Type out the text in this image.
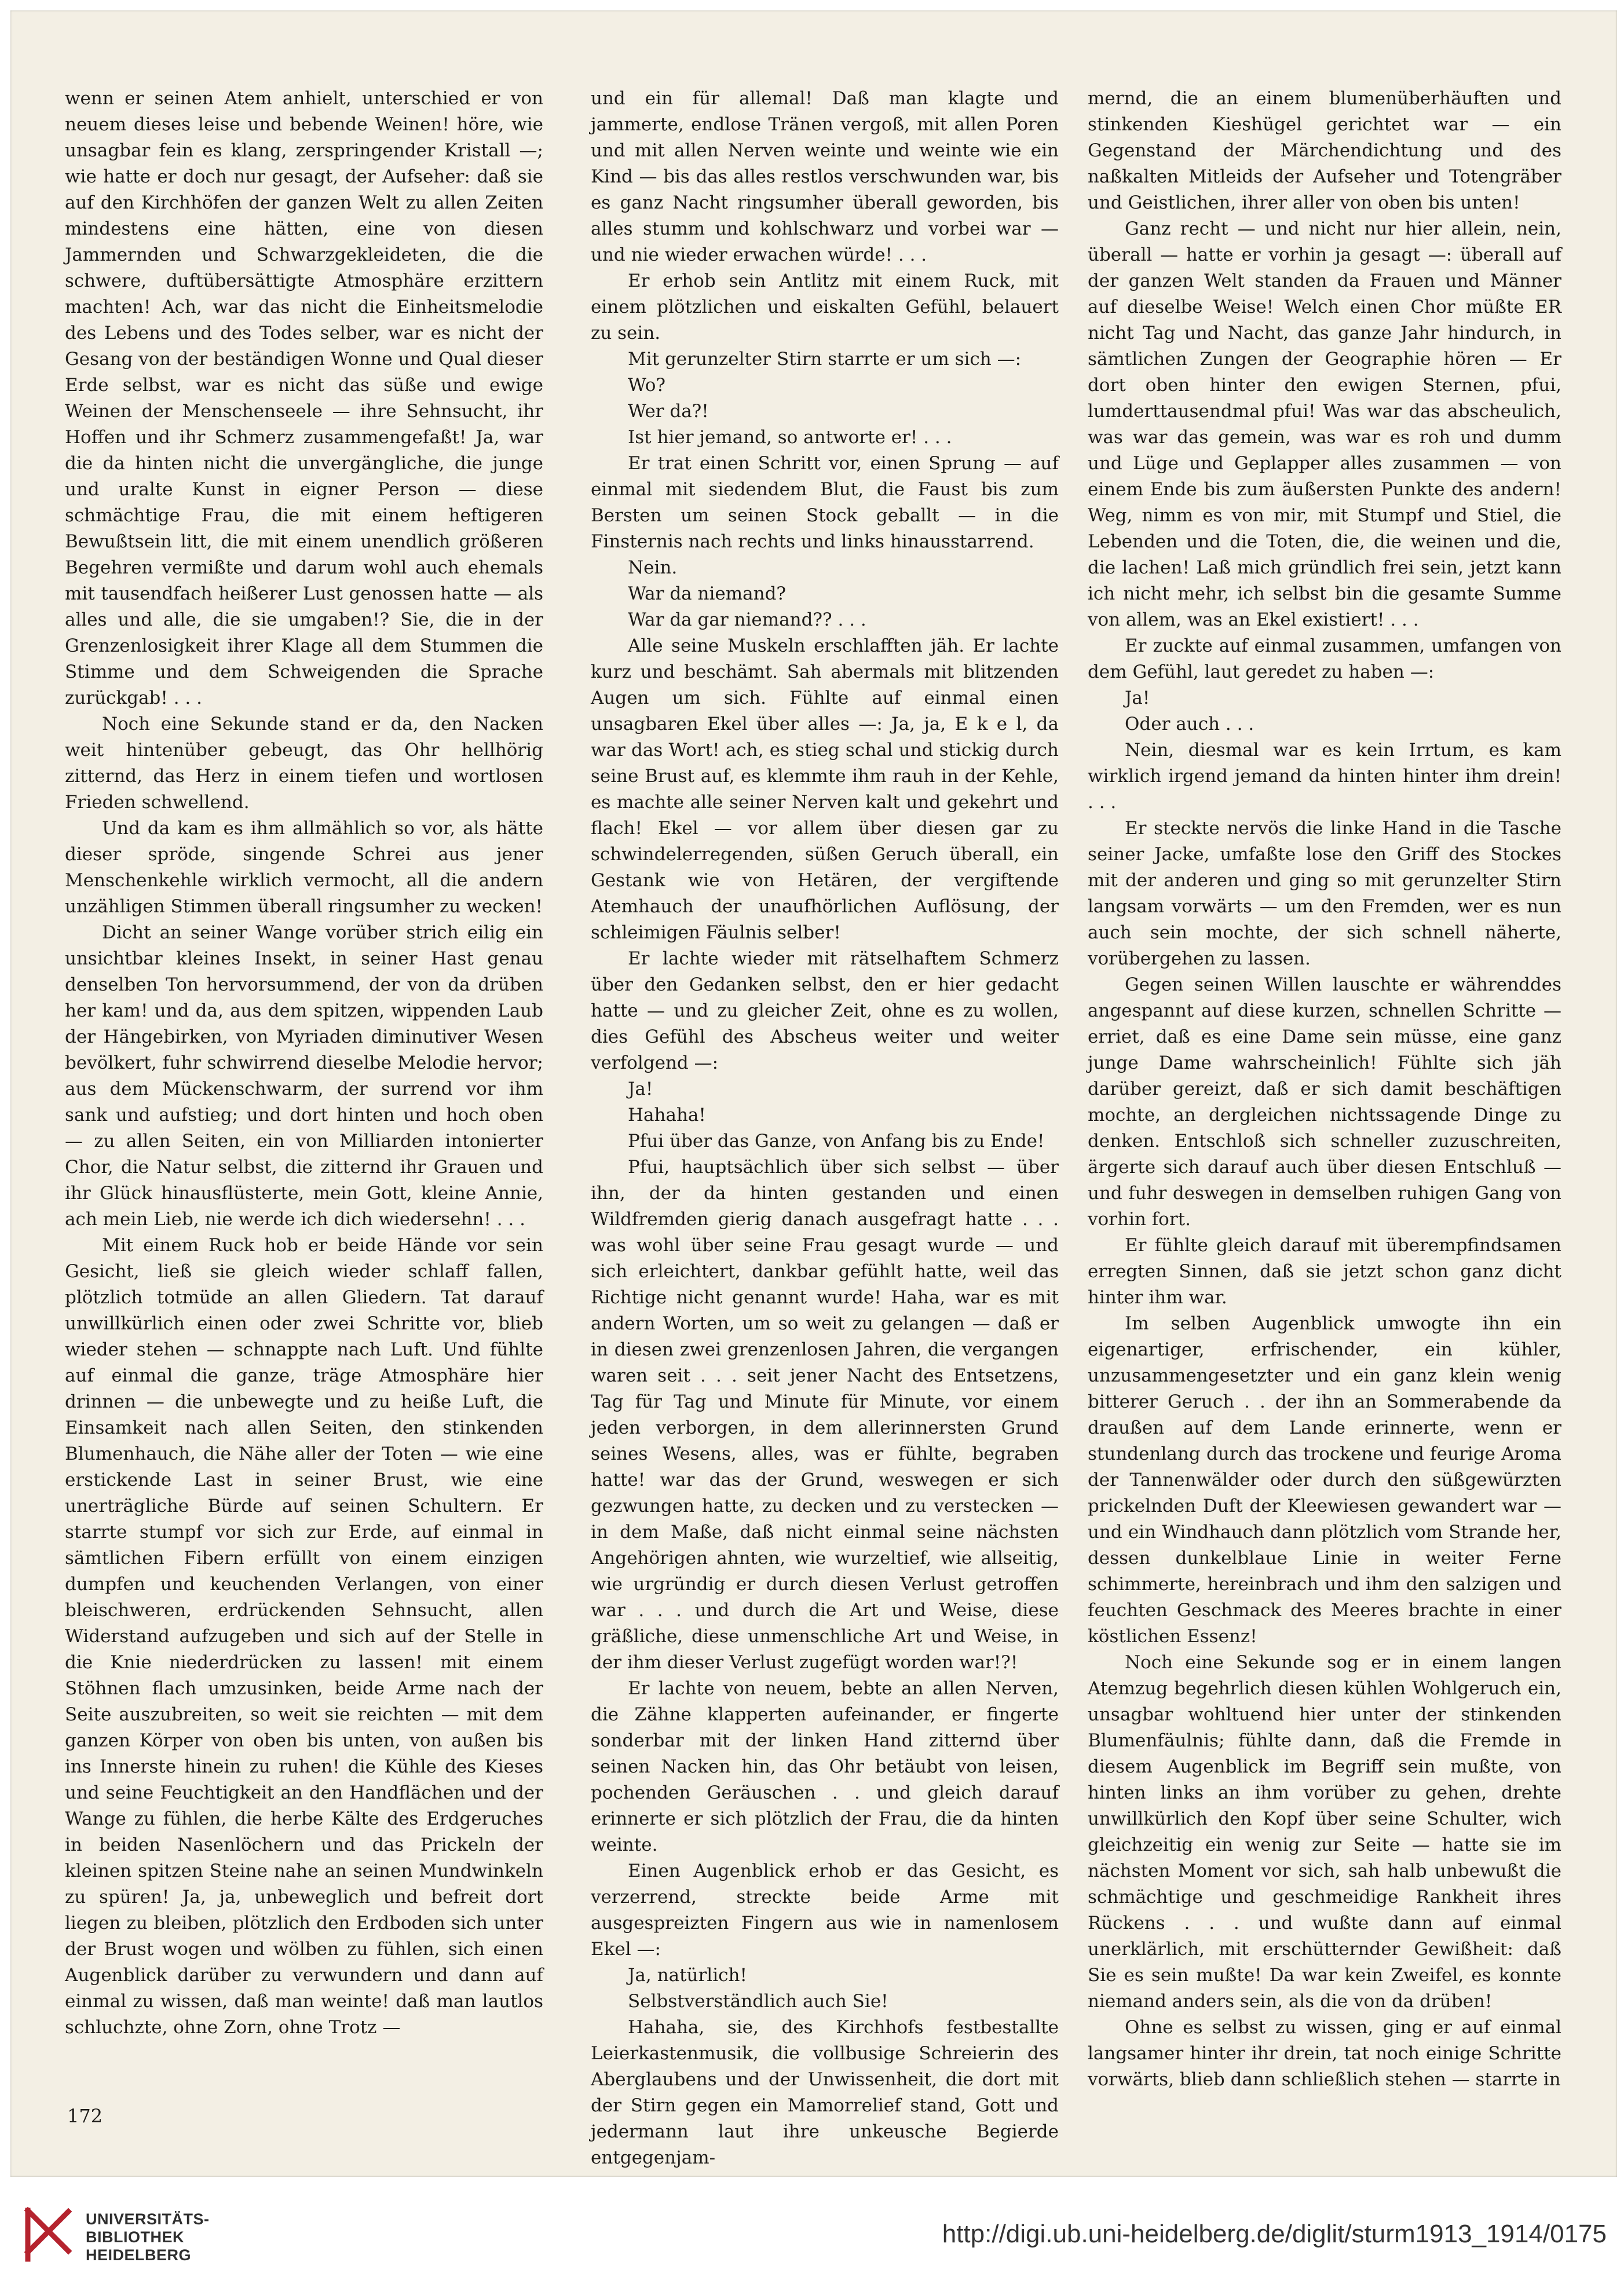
wenn er seinen Atem anhielt, unterschied er von neuem dieses leise und bebende Weinen! höre, wie unsagbar fein es klang, zerspringender Kristall —; wie hatte er doch nur gesagt, der Aufseher: daß sie auf den Kirchhöfen der ganzen Welt zu allen Zeiten mindestens eine hätten, eine von diesen Jammernden und Schwarzgekleideten, die die schwere, duftübersättigte Atmosphäre erzittern machten! Ach, war das nicht die Einheitsmelodie des Lebens und des Todes selber, war es nicht der Gesang von der beständigen Wonne und Qual dieser Erde selbst, war es nicht das süße und ewige Weinen der Menschenseele — ihre Sehnsucht, ihr Hoffen und ihr Schmerz zusammengefaßt! Ja, war die da hinten nicht die unvergängliche, die junge und uralte Kunst in eigner Person — diese schmächtige Frau, die mit einem heftigeren Bewußtsein litt, die mit einem unendlich größeren Begehren vermißte und darum wohl auch ehemals mit tausendfach heißerer Lust genossen hatte — als alles und alle, die sie umgaben!? Sie, die in der Grenzenlosigkeit ihrer Klage all dem Stummen die Stimme und dem Schweigenden die Sprache zurückgab! . . .

Noch eine Sekunde stand er da, den Nacken weit hintenüber gebeugt, das Ohr hellhörig zitternd, das Herz in einem tiefen und wortlosen Frieden schwellend.

Und da kam es ihm allmählich so vor, als hätte dieser spröde, singende Schrei aus jener Menschenkehle wirklich vermocht, all die andern unzähligen Stimmen überall ringsumher zu wecken!

Dicht an seiner Wange vorüber strich eilig ein unsichtbar kleines Insekt, in seiner Hast genau denselben Ton hervorsummend, der von da drüben her kam! und da, aus dem spitzen, wippenden Laub der Hängebirken, von Myriaden diminutiver Wesen bevölkert, fuhr schwirrend dieselbe Melodie hervor; aus dem Mückenschwarm, der surrend vor ihm sank und aufstieg; und dort hinten und hoch oben — zu allen Seiten, ein von Milliarden intonierter Chor, die Natur selbst, die zitternd ihr Grauen und ihr Glück hinausflüsterte, mein Gott, kleine Annie, ach mein Lieb, nie werde ich dich wiedersehn! . . .

Mit einem Ruck hob er beide Hände vor sein Gesicht, ließ sie gleich wieder schlaff fallen, plötzlich totmüde an allen Gliedern. Tat darauf unwillkürlich einen oder zwei Schritte vor, blieb wieder stehen — schnappte nach Luft. Und fühlte auf einmal die ganze, träge Atmosphäre hier drinnen — die unbewegte und zu heiße Luft, die Einsamkeit nach allen Seiten, den stinkenden Blumenhauch, die Nähe aller der Toten — wie eine erstickende Last in seiner Brust, wie eine unerträgliche Bürde auf seinen Schultern. Er starrte stumpf vor sich zur Erde, auf einmal in sämtlichen Fibern erfüllt von einem einzigen dumpfen und keuchenden Verlangen, von einer bleischweren, erdrückenden Sehnsucht, allen Widerstand aufzugeben und sich auf der Stelle in die Knie niederdrücken zu lassen! mit einem Stöhnen flach umzusinken, beide Arme nach der Seite auszubreiten, so weit sie reichten — mit dem ganzen Körper von oben bis unten, von außen bis ins Innerste hinein zu ruhen! die Kühle des Kieses und seine Feuchtigkeit an den Handflächen und der Wange zu fühlen, die herbe Kälte des Erdgeruches in beiden Nasenlöchern und das Prickeln der kleinen spitzen Steine nahe an seinen Mundwinkeln zu spüren! Ja, ja, unbeweglich und befreit dort liegen zu bleiben, plötzlich den Erdboden sich unter der Brust wogen und wölben zu fühlen, sich einen Augenblick darüber zu verwundern und dann auf einmal zu wissen, daß man weinte! daß man lautlos schluchzte, ohne Zorn, ohne Trotz —

und ein für allemal! Daß man klagte und jammerte, endlose Tränen vergoß, mit allen Poren und mit allen Nerven weinte und weinte wie ein Kind — bis das alles restlos verschwunden war, bis es ganz Nacht ringsumher überall geworden, bis alles stumm und kohlschwarz und vorbei war — und nie wieder erwachen würde! . . .

Er erhob sein Antlitz mit einem Ruck, mit einem plötzlichen und eiskalten Gefühl, belauert zu sein.

Mit gerunzelter Stirn starrte er um sich —:

Wo?

Wer da?!

Ist hier jemand, so antworte er! . . .

Er trat einen Schritt vor, einen Sprung — auf einmal mit siedendem Blut, die Faust bis zum Bersten um seinen Stock geballt — in die Finsternis nach rechts und links hinausstarrend.

Nein.

War da niemand?

War da gar niemand?? . . .

Alle seine Muskeln erschlafften jäh. Er lachte kurz und beschämt. Sah abermals mit blitzenden Augen um sich. Fühlte auf einmal einen unsagbaren Ekel über alles —: Ja, ja, E k e l, da war das Wort! ach, es stieg schal und stickig durch seine Brust auf, es klemmte ihm rauh in der Kehle, es machte alle seiner Nerven kalt und gekehrt und flach! Ekel — vor allem über diesen gar zu schwindelerregenden, süßen Geruch überall, ein Gestank wie von Hetären, der vergiftende Atemhauch der unaufhörlichen Auflösung, der schleimigen Fäulnis selber!

Er lachte wieder mit rätselhaftem Schmerz über den Gedanken selbst, den er hier gedacht hatte — und zu gleicher Zeit, ohne es zu wollen, dies Gefühl des Abscheus weiter und weiter verfolgend —:

Ja!

Hahaha!

Pfui über das Ganze, von Anfang bis zu Ende!

Pfui, hauptsächlich über sich selbst — über ihn, der da hinten gestanden und einen Wildfremden gierig danach ausgefragt hatte . . . was wohl über seine Frau gesagt wurde — und sich erleichtert, dankbar gefühlt hatte, weil das Richtige nicht genannt wurde! Haha, war es mit andern Worten, um so weit zu gelangen — daß er in diesen zwei grenzenlosen Jahren, die vergangen waren seit . . . seit jener Nacht des Entsetzens, Tag für Tag und Minute für Minute, vor einem jeden verborgen, in dem allerinnersten Grund seines Wesens, alles, was er fühlte, begraben hatte! war das der Grund, weswegen er sich gezwungen hatte, zu decken und zu verstecken — in dem Maße, daß nicht einmal seine nächsten Angehörigen ahnten, wie wurzeltief, wie allseitig, wie urgründig er durch diesen Verlust getroffen war . . . und durch die Art und Weise, diese gräßliche, diese unmenschliche Art und Weise, in der ihm dieser Verlust zugefügt worden war!?!

Er lachte von neuem, bebte an allen Nerven, die Zähne klapperten aufeinander, er fingerte sonderbar mit der linken Hand zitternd über seinen Nacken hin, das Ohr betäubt von leisen, pochenden Geräuschen . . und gleich darauf erinnerte er sich plötzlich der Frau, die da hinten weinte.

Einen Augenblick erhob er das Gesicht, es verzerrend, streckte beide Arme mit ausgespreizten Fingern aus wie in namenlosem Ekel —:

Ja, natürlich!

Selbstverständlich auch Sie!

Hahaha, sie, des Kirchhofs festbestallte Leierkastenmusik, die vollbusige Schreierin des Aberglaubens und der Unwissenheit, die dort mit der Stirn gegen ein Mamorrelief stand, Gott und jedermann laut ihre unkeusche Begierde entgegenjam-

mernd, die an einem blumenüberhäuften und stinkenden Kieshügel gerichtet war — ein Gegenstand der Märchendichtung und des naßkalten Mitleids der Aufseher und Totengräber und Geistlichen, ihrer aller von oben bis unten!

Ganz recht — und nicht nur hier allein, nein, überall — hatte er vorhin ja gesagt —: überall auf der ganzen Welt standen da Frauen und Männer auf dieselbe Weise! Welch einen Chor müßte ER nicht Tag und Nacht, das ganze Jahr hindurch, in sämtlichen Zungen der Geographie hören — Er dort oben hinter den ewigen Sternen, pfui, lumderttausendmal pfui! Was war das abscheulich, was war das gemein, was war es roh und dumm und Lüge und Geplapper alles zusammen — von einem Ende bis zum äußersten Punkte des andern! Weg, nimm es von mir, mit Stumpf und Stiel, die Lebenden und die Toten, die, die weinen und die, die lachen! Laß mich gründlich frei sein, jetzt kann ich nicht mehr, ich selbst bin die gesamte Summe von allem, was an Ekel existiert! . . .

Er zuckte auf einmal zusammen, umfangen von dem Gefühl, laut geredet zu haben —:

Ja!

Oder auch . . .

Nein, diesmal war es kein Irrtum, es kam wirklich irgend jemand da hinten hinter ihm drein! . . .

Er steckte nervös die linke Hand in die Tasche seiner Jacke, umfaßte lose den Griff des Stockes mit der anderen und ging so mit gerunzelter Stirn langsam vorwärts — um den Fremden, wer es nun auch sein mochte, der sich schnell näherte, vorübergehen zu lassen.

Gegen seinen Willen lauschte er währenddes angespannt auf diese kurzen, schnellen Schritte — erriet, daß es eine Dame sein müsse, eine ganz junge Dame wahrscheinlich! Fühlte sich jäh darüber gereizt, daß er sich damit beschäftigen mochte, an dergleichen nichtssagende Dinge zu denken. Entschloß sich schneller zuzuschreiten, ärgerte sich darauf auch über diesen Entschluß — und fuhr deswegen in demselben ruhigen Gang von vorhin fort.

Er fühlte gleich darauf mit überempfindsamen erregten Sinnen, daß sie jetzt schon ganz dicht hinter ihm war.

Im selben Augenblick umwogte ihn ein eigenartiger, erfrischender, ein kühler, unzusammengesetzter und ein ganz klein wenig bitterer Geruch . . der ihn an Sommerabende da draußen auf dem Lande erinnerte, wenn er stundenlang durch das trockene und feurige Aroma der Tannenwälder oder durch den süßgewürzten prickelnden Duft der Kleewiesen gewandert war — und ein Windhauch dann plötzlich vom Strande her, dessen dunkelblaue Linie in weiter Ferne schimmerte, hereinbrach und ihm den salzigen und feuchten Geschmack des Meeres brachte in einer köstlichen Essenz!

Noch eine Sekunde sog er in einem langen Atemzug begehrlich diesen kühlen Wohlgeruch ein, unsagbar wohltuend hier unter der stinkenden Blumenfäulnis; fühlte dann, daß die Fremde in diesem Augenblick im Begriff sein mußte, von hinten links an ihm vorüber zu gehen, drehte unwillkürlich den Kopf über seine Schulter, wich gleichzeitig ein wenig zur Seite — hatte sie im nächsten Moment vor sich, sah halb unbewußt die schmächtige und geschmeidige Rankheit ihres Rückens . . . und wußte dann auf einmal unerklärlich, mit erschütternder Gewißheit: daß Sie es sein mußte! Da war kein Zweifel, es konnte niemand anders sein, als die von da drüben!

Ohne es selbst zu wissen, ging er auf einmal langsamer hinter ihr drein, tat noch einige Schritte vorwärts, blieb dann schließlich stehen — starrte in

172
UNIVERSITÄTS-
BIBLIOTHEK
HEIDELBERG
http://digi.ub.uni-heidelberg.de/diglit/sturm1913_1914/0175
